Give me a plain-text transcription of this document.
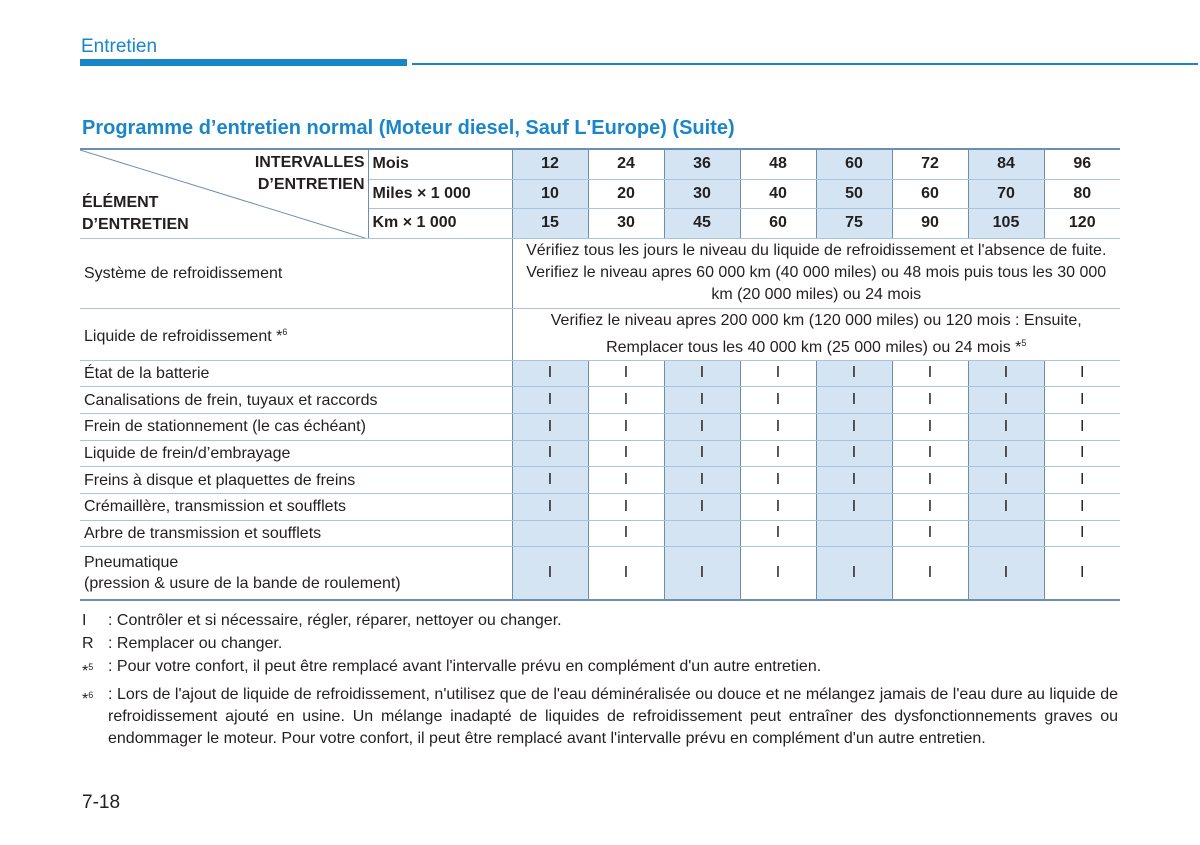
Entretien
Programme d’entretien normal (Moteur diesel, Sauf L'Europe) (Suite)
INTERVALLES
D’ENTRETIEN
ÉLÉMENT
D’ENTRETIEN	Mois	12	24	36	48	60	72	84	96
	Miles × 1 000	10	20	30	40	50	60	70	80
	Km × 1 000	15	30	45	60	75	90	105	120
Système de refroidissement		Vérifiez tous les jours le niveau du liquide de refroidissement et l'absence de fuite. Verifiez le niveau apres 60 000 km (40 000 miles) ou 48 mois puis tous les 30 000 km (20 000 miles) ou 24 mois							
Liquide de refroidissement *$^6$		Verifiez le niveau apres 200 000 km (120 000 miles) ou 120 mois : Ensuite, Remplacer tous les 40 000 km (25 000 miles) ou 24 mois *$^5$

État de la batterie		I	I	I	I	I	I	I	I

Canalisations de frein, tuyaux et raccords		I	I	I	I	I	I	I	I

Frein de stationnement (le cas échéant)		I	I	I	I	I	I	I	I

Liquide de frein/d’embrayage		I	I	I	I	I	I	I	I

Freins à disque et plaquettes de freins		I	I	I	I	I	I	I	I

Crémaillère, transmission et soufflets		I	I	I	I	I	I	I	I

Arbre de transmission et soufflets			I		I		I		I

Pneumatique
(pression & usure de la bande de roulement)		I	I	I	I	I	I	I	I
I	: Contrôler et si nécessaire, régler, réparer, nettoyer ou changer.
R : Remplacer ou changer.
*$^5$ : Pour votre confort, il peut être remplacé avant l'intervalle prévu en complément d'un autre entretien.
*$^6$ : Lors de l'ajout de liquide de refroidissement, n'utilisez que de l'eau déminéralisée ou douce et ne mélangez jamais de l'eau dure au liquide de refroidissement ajouté en usine. Un mélange inadapté de liquides de refroidissement peut entraîner des dysfonctionnements graves ou endommager le moteur. Pour votre confort, il peut être remplacé avant l'intervalle prévu en complément d'un autre entretien.

7-18
